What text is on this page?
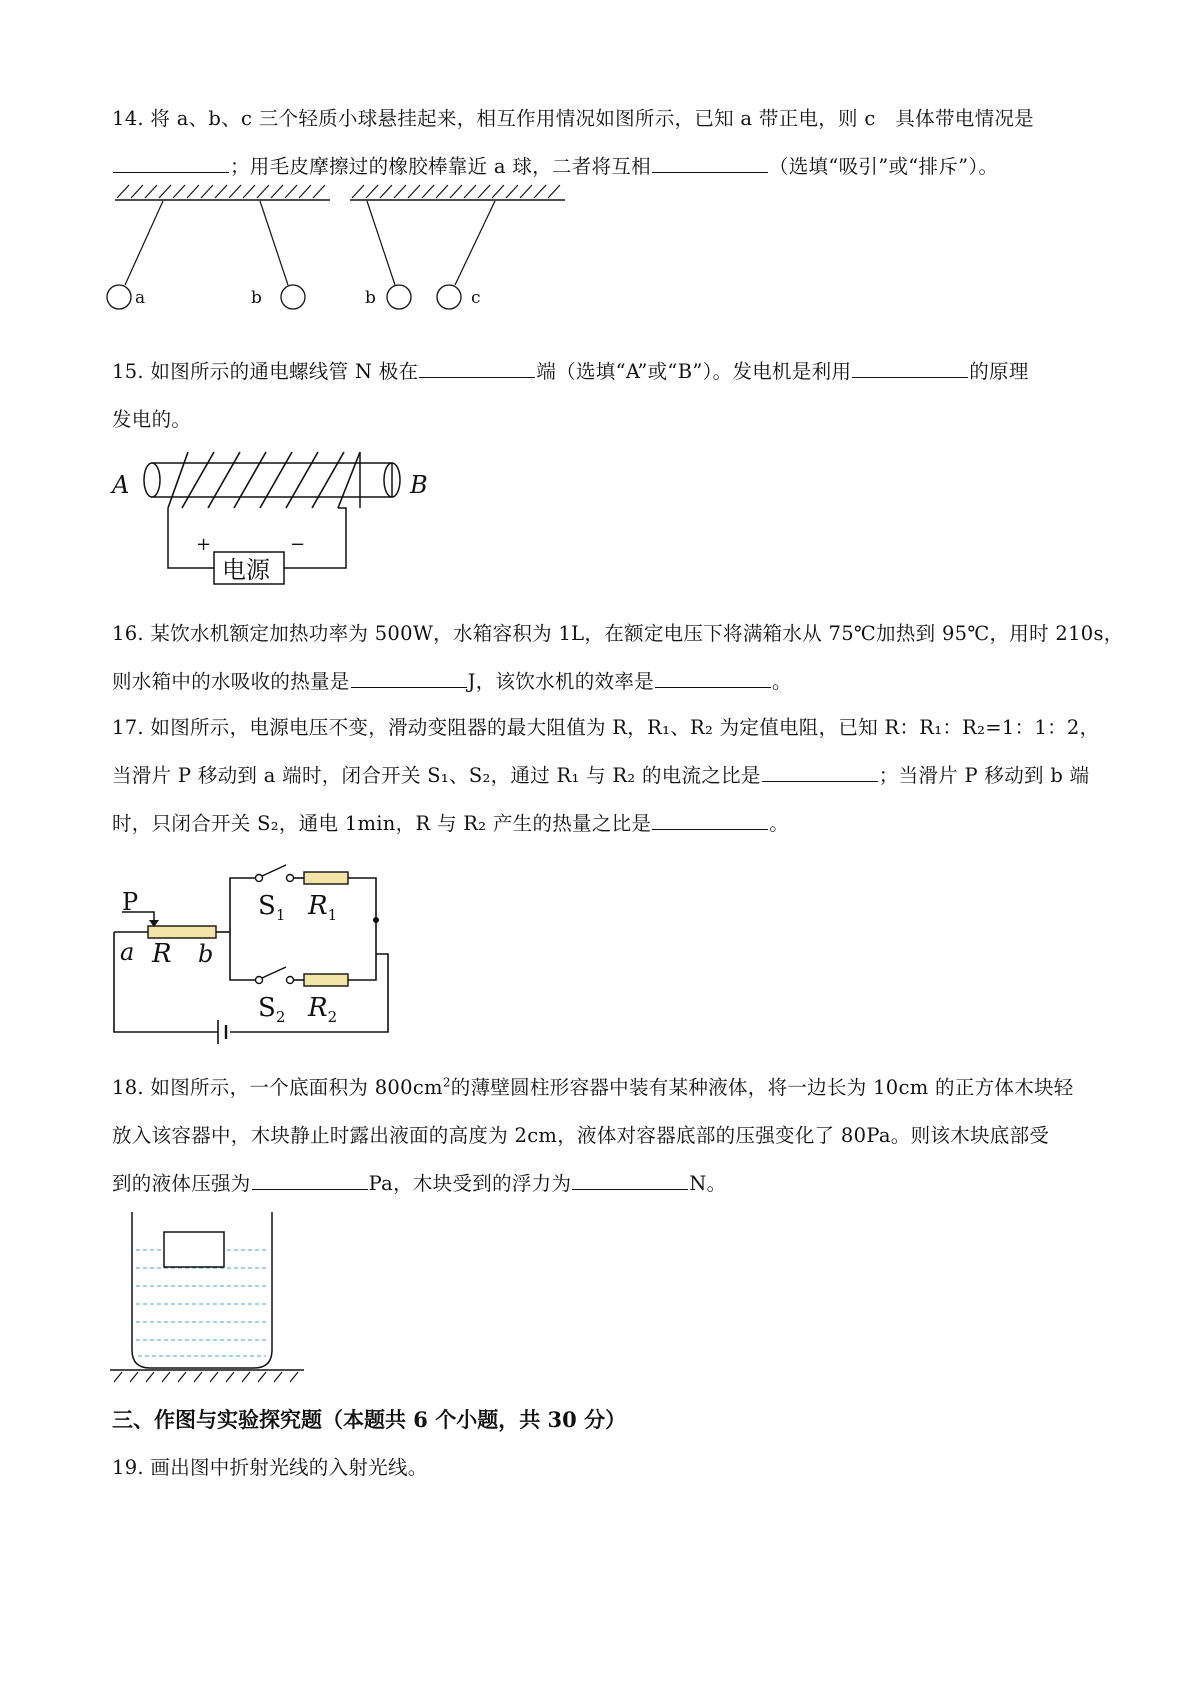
14. 将 a、b、c 三个轻质小球悬挂起来，相互作用情况如图所示，已知 a 带正电，则 c　具体带电情况是
；用毛皮摩擦过的橡胶棒靠近 a 球，二者将互相	（选填“吸引”或“排斥”）。
a	b	b	c
15. 如图所示的通电螺线管 N 极在	端（选填“A”或“B”）。发电机是利用	的原理
发电的。
A	B
+	−
电源
16. 某饮水机额定加热功率为 500W，水箱容积为 1L，在额定电压下将满箱水从 75℃加热到 95℃，用时 210s，
则水箱中的水吸收的热量是	J，该饮水机的效率是	。
17. 如图所示，电源电压不变，滑动变阻器的最大阻值为 R，R₁、R₂ 为定值电阻，已知 R：R₁：R₂=1：1：2，
当滑片 P 移动到 a 端时，闭合开关 S₁、S₂，通过 R₁ 与 R₂ 的电流之比是	；当滑片 P 移动到 b 端
时，只闭合开关 S₂，通电 1min，R 与 R₂ 产生的热量之比是	。
P
a R b
$S_1$ $R_1$
$S_2$ $R_2$
18. 如图所示，一个底面积为 $800cm^2$的薄壁圆柱形容器中装有某种液体，将一边长为 10cm 的正方体木块轻
放入该容器中，木块静止时露出液面的高度为 2cm，液体对容器底部的压强变化了 80Pa。则该木块底部受
到的液体压强为	Pa，木块受到的浮力为	N。
三、作图与实验探究题（本题共 6 个小题，共 30 分）
19. 画出图中折射光线的入射光线。
